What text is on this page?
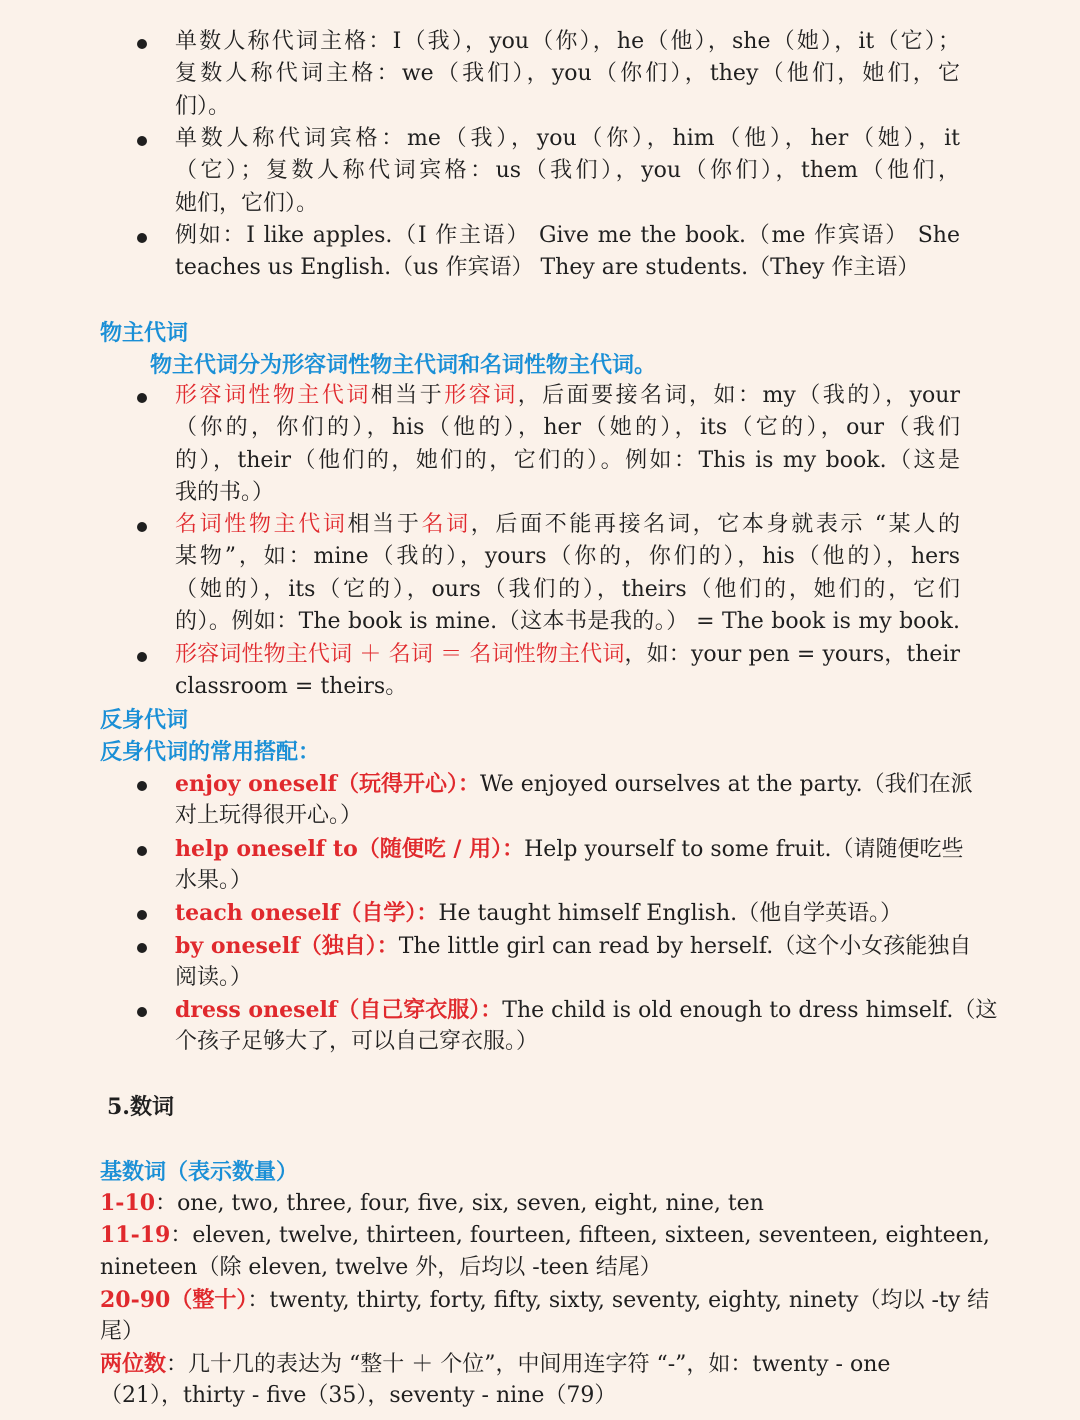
单数人称代词主格：I（我），you（你），he（他），she（她），it（它）；
复数人称代词主格：we（我们），you（你们），they（他们，她们，它
们）。
单数人称代词宾格：me（我），you（你），him（他），her（她），it
（它）；复数人称代词宾格：us（我们），you（你们），them（他们，
她们，它们）。
例如：I like apples.（I 作主语） Give me the book.（me 作宾语） She
teaches us English.（us 作宾语） They are students.（They 作主语）
物主代词
物主代词分为形容词性物主代词和名词性物主代词。
形容词性物主代词相当于形容词，后面要接名词，如：my（我的），your
（你的，你们的），his（他的），her（她的），its（它的），our（我们
的），their（他们的，她们的，它们的）。例如：This is my book.（这是
我的书。）
名词性物主代词相当于名词，后面不能再接名词，它本身就表示 “某人的
某物”，如：mine（我的），yours（你的，你们的），his（他的），hers
（她的），its（它的），ours（我们的），theirs（他们的，她们的，它们
的）。例如：The book is mine.（这本书是我的。） = The book is my book.
形容词性物主代词 ＋ 名词 ＝ 名词性物主代词，如：your pen = yours，their
classroom = theirs。
反身代词
反身代词的常用搭配：
enjoy oneself（玩得开心）：We enjoyed ourselves at the party.（我们在派
对上玩得很开心。）
help oneself to（随便吃 / 用）：Help yourself to some fruit.（请随便吃些
水果。）
teach oneself（自学）：He taught himself English.（他自学英语。）
by oneself（独自）：The little girl can read by herself.（这个小女孩能独自
阅读。）
dress oneself（自己穿衣服）：The child is old enough to dress himself.（这
个孩子足够大了，可以自己穿衣服。）
5.数词
基数词（表示数量）
1-10：one, two, three, four, five, six, seven, eight, nine, ten
11-19：eleven, twelve, thirteen, fourteen, fifteen, sixteen, seventeen, eighteen,
nineteen（除 eleven, twelve 外，后均以 -teen 结尾）
20-90（整十）：twenty, thirty, forty, fifty, sixty, seventy, eighty, ninety（均以 -ty 结
尾）
两位数：几十几的表达为 “整十 ＋ 个位”，中间用连字符 “-”，如：twenty - one
（21），thirty - five（35），seventy - nine（79）
